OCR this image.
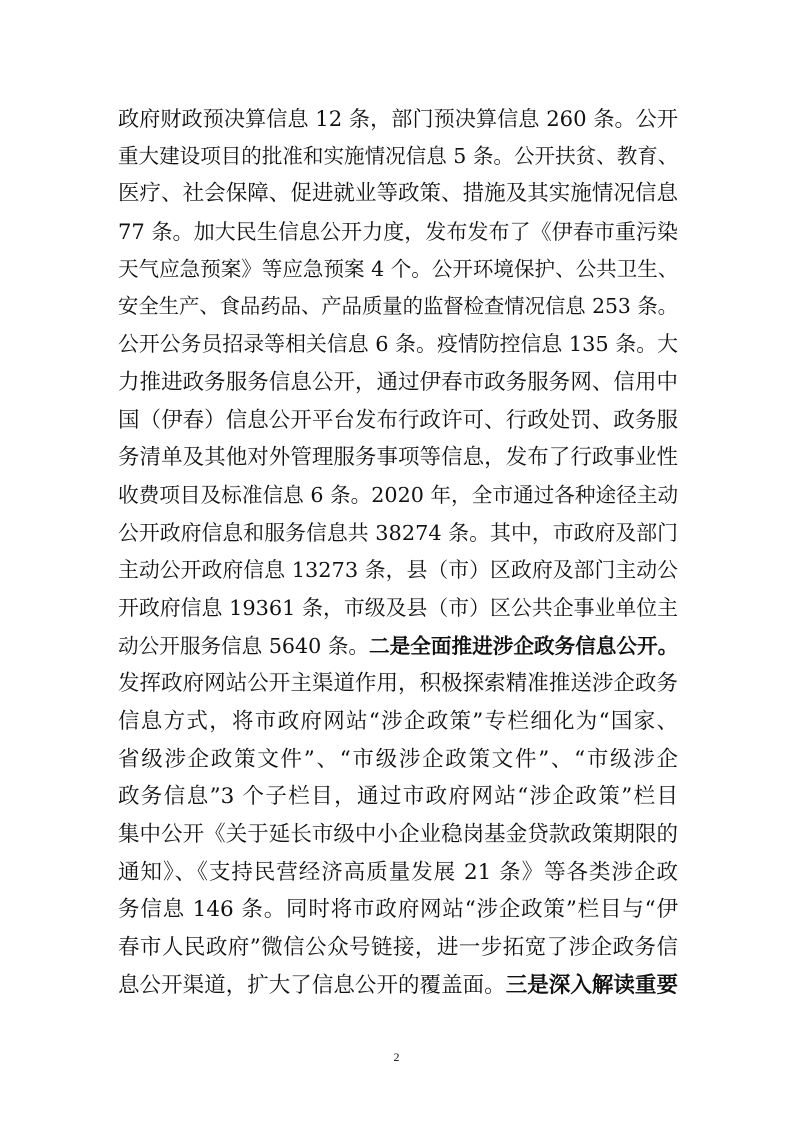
政府财政预决算信息 12 条，部门预决算信息 260 条。公开
重大建设项目的批准和实施情况信息 5 条。公开扶贫、教育、
医疗、社会保障、促进就业等政策、措施及其实施情况信息
77 条。加大民生信息公开力度，发布发布了《伊春市重污染
天气应急预案》等应急预案 4 个。公开环境保护、公共卫生、
安全生产、食品药品、产品质量的监督检查情况信息 253 条。
公开公务员招录等相关信息 6 条。疫情防控信息 135 条。大
力推进政务服务信息公开，通过伊春市政务服务网、信用中
国（伊春）信息公开平台发布行政许可、行政处罚、政务服
务清单及其他对外管理服务事项等信息，发布了行政事业性
收费项目及标准信息 6 条。2020 年，全市通过各种途径主动
公开政府信息和服务信息共 38274 条。其中，市政府及部门
主动公开政府信息 13273 条，县（市）区政府及部门主动公
开政府信息 19361 条，市级及县（市）区公共企事业单位主
动公开服务信息 5640 条。二是全面推进涉企政务信息公开。
发挥政府网站公开主渠道作用，积极探索精准推送涉企政务
信息方式，将市政府网站“涉企政策”专栏细化为“国家、
省级涉企政策文件”、“市级涉企政策文件”、“市级涉企
政务信息”3 个子栏目，通过市政府网站“涉企政策”栏目
集中公开《关于延长市级中小企业稳岗基金贷款政策期限的
通知》、《支持民营经济高质量发展 21 条》等各类涉企政
务信息 146 条。同时将市政府网站“涉企政策”栏目与“伊
春市人民政府”微信公众号链接，进一步拓宽了涉企政务信
息公开渠道，扩大了信息公开的覆盖面。三是深入解读重要
2
